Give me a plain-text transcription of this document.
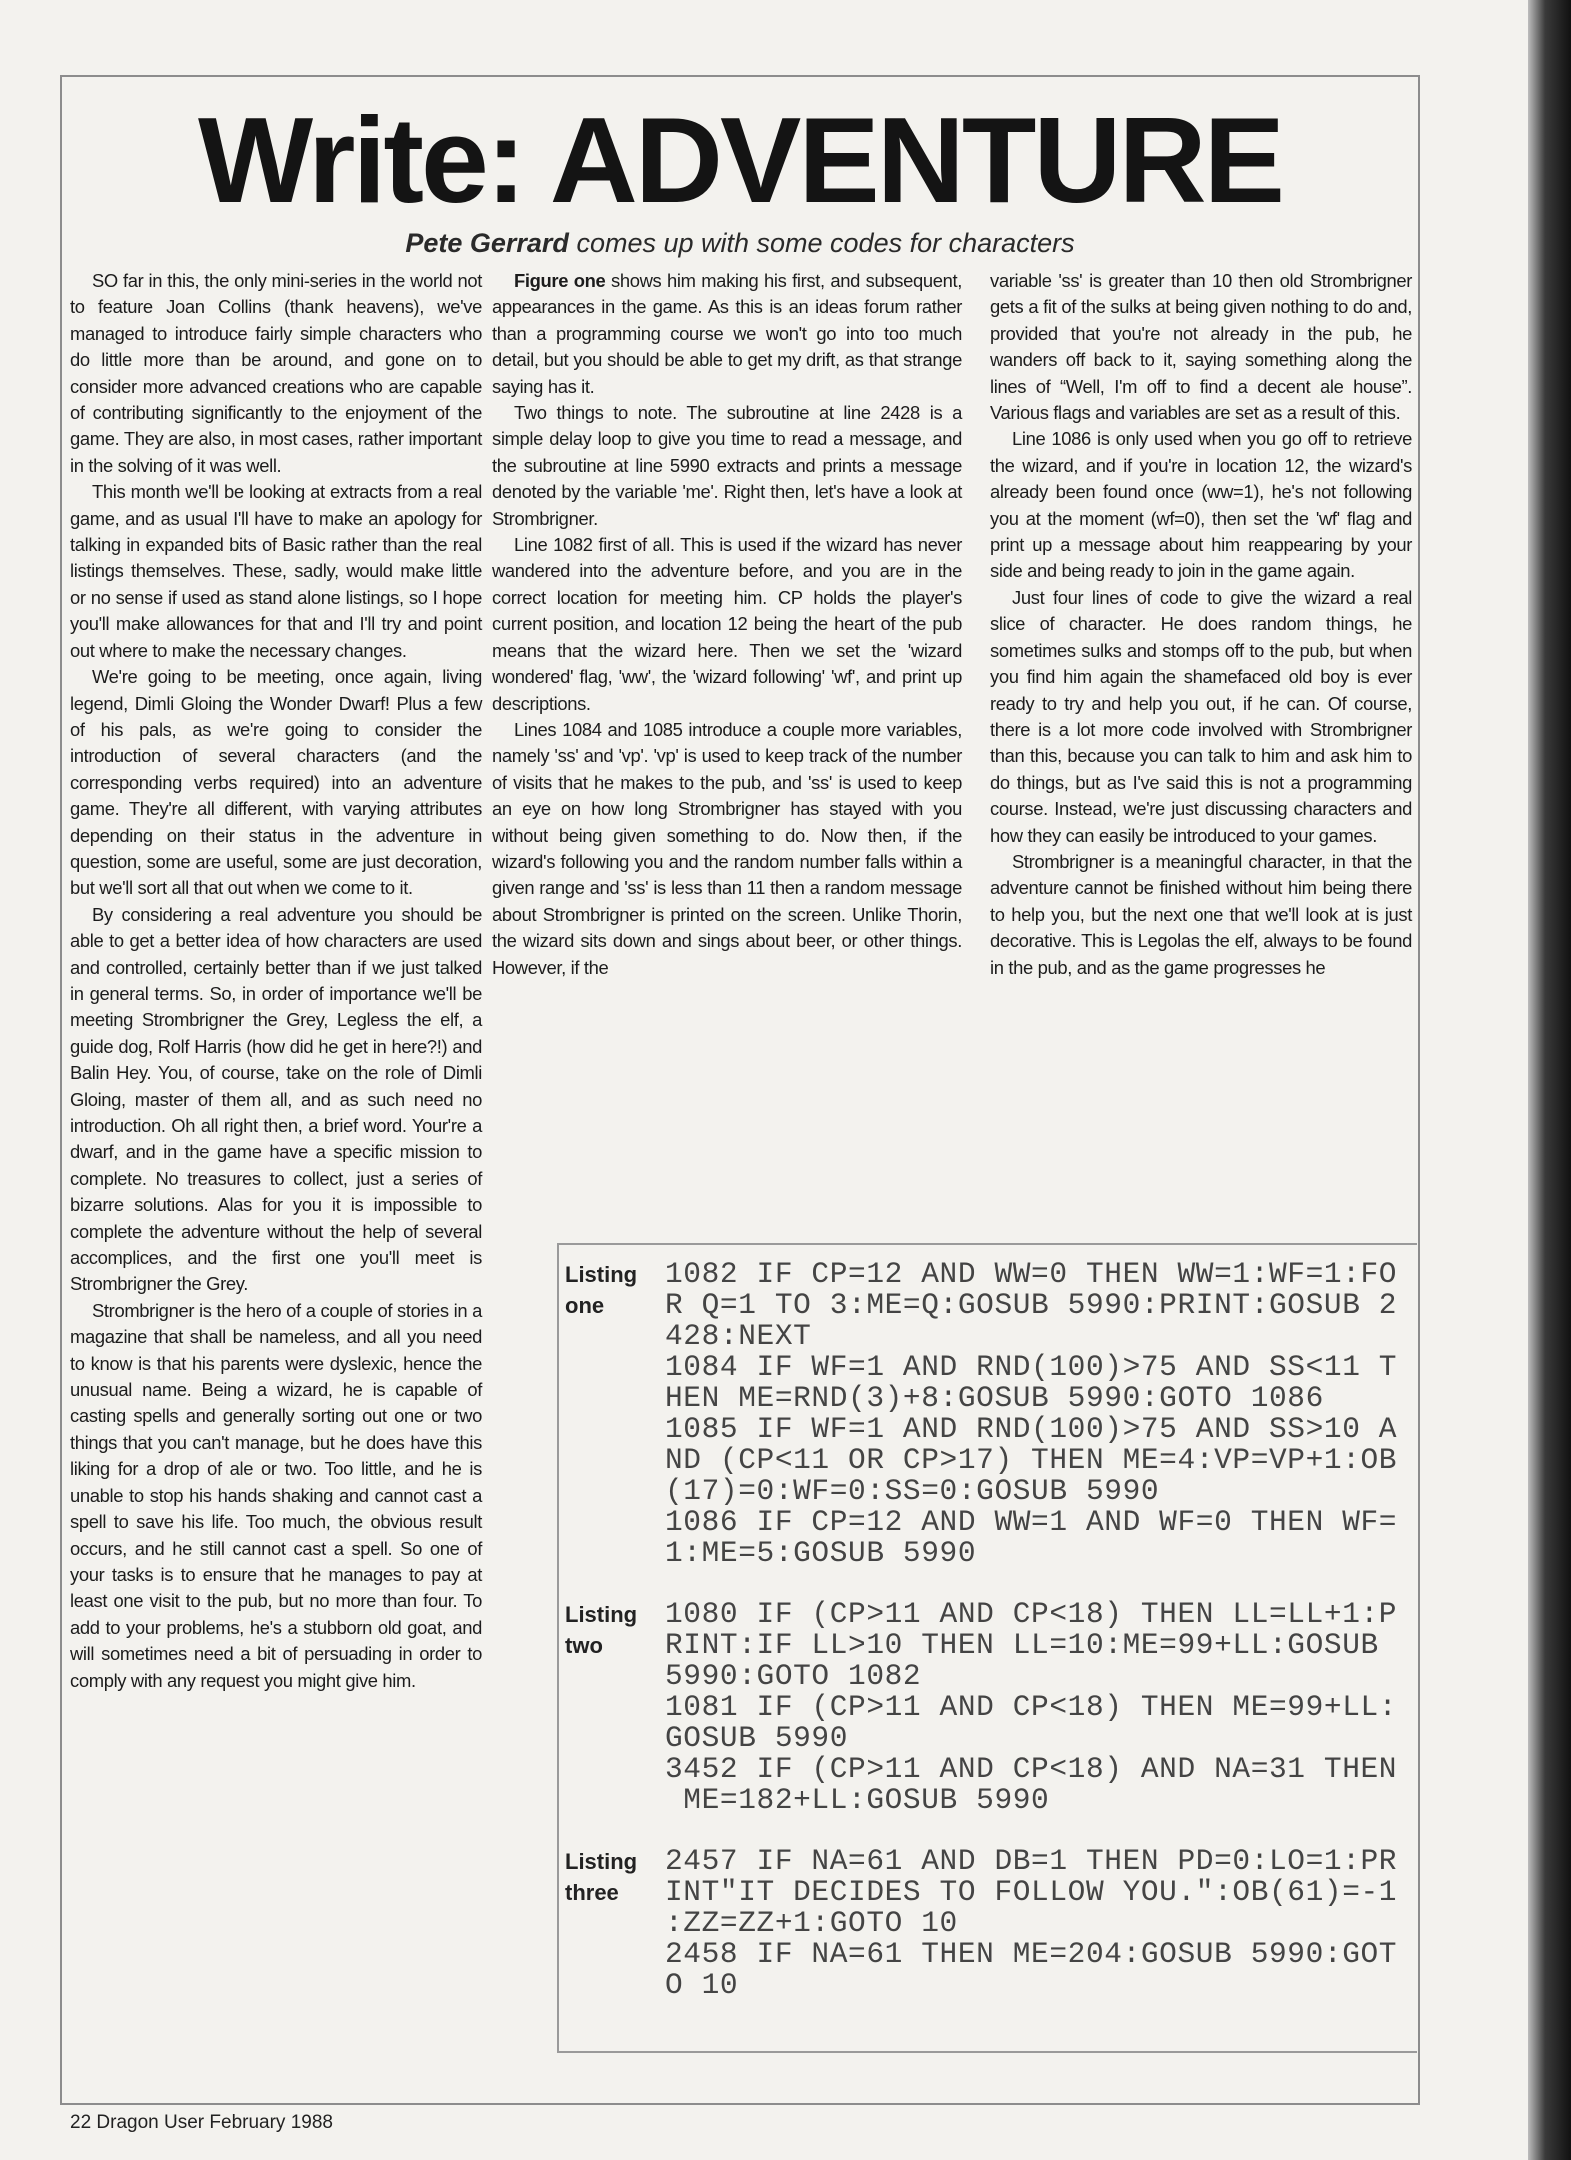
Write: ADVENTURE
Pete Gerrard comes up with some codes for characters

SO far in this, the only mini-series in the world not to feature Joan Collins (thank heavens), we've managed to introduce fairly simple characters who do little more than be around, and gone on to consider more advanced creations who are capable of contributing significantly to the enjoyment of the game. They are also, in most cases, rather important in the solving of it was well.

This month we'll be looking at extracts from a real game, and as usual I'll have to make an apology for talking in expanded bits of Basic rather than the real listings themselves. These, sadly, would make little or no sense if used as stand alone listings, so I hope you'll make allowances for that and I'll try and point out where to make the necessary changes.

We're going to be meeting, once again, living legend, Dimli Gloing the Wonder Dwarf! Plus a few of his pals, as we're going to consider the introduction of several characters (and the corresponding verbs required) into an adventure game. They're all different, with varying attributes depending on their status in the adventure in question, some are useful, some are just decoration, but we'll sort all that out when we come to it.

By considering a real adventure you should be able to get a better idea of how characters are used and controlled, certainly better than if we just talked in general terms. So, in order of importance we'll be meeting Strombrigner the Grey, Legless the elf, a guide dog, Rolf Harris (how did he get in here?!) and Balin Hey. You, of course, take on the role of Dimli Gloing, master of them all, and as such need no introduction. Oh all right then, a brief word. Your're a dwarf, and in the game have a specific mission to complete. No treasures to collect, just a series of bizarre solutions. Alas for you it is impossible to complete the adventure without the help of several accomplices, and the first one you'll meet is Strombrigner the Grey.

Strombrigner is the hero of a couple of stories in a magazine that shall be nameless, and all you need to know is that his parents were dyslexic, hence the unusual name. Being a wizard, he is capable of casting spells and generally sorting out one or two things that you can't manage, but he does have this liking for a drop of ale or two. Too little, and he is unable to stop his hands shaking and cannot cast a spell to save his life. Too much, the obvious result occurs, and he still cannot cast a spell. So one of your tasks is to ensure that he manages to pay at least one visit to the pub, but no more than four. To add to your problems, he's a stubborn old goat, and will sometimes need a bit of persuading in order to comply with any request you might give him.

Figure one shows him making his first, and subsequent, appearances in the game. As this is an ideas forum rather than a programming course we won't go into too much detail, but you should be able to get my drift, as that strange saying has it.

Two things to note. The subroutine at line 2428 is a simple delay loop to give you time to read a message, and the subroutine at line 5990 extracts and prints a message denoted by the variable 'me'. Right then, let's have a look at Strombrigner.

Line 1082 first of all. This is used if the wizard has never wandered into the adventure before, and you are in the correct location for meeting him. CP holds the player's current position, and location 12 being the heart of the pub means that the wizard here. Then we set the 'wizard wondered' flag, 'ww', the 'wizard following' 'wf', and print up descriptions.

Lines 1084 and 1085 introduce a couple more variables, namely 'ss' and 'vp'. 'vp' is used to keep track of the number of visits that he makes to the pub, and 'ss' is used to keep an eye on how long Strombrigner has stayed with you without being given something to do. Now then, if the wizard's following you and the random number falls within a given range and 'ss' is less than 11 then a random message about Strombrigner is printed on the screen. Unlike Thorin, the wizard sits down and sings about beer, or other things. However, if the

variable 'ss' is greater than 10 then old Strombrigner gets a fit of the sulks at being given nothing to do and, provided that you're not already in the pub, he wanders off back to it, saying something along the lines of “Well, I'm off to find a decent ale house”. Various flags and variables are set as a result of this.

Line 1086 is only used when you go off to retrieve the wizard, and if you're in location 12, the wizard's already been found once (ww=1), he's not following you at the moment (wf=0), then set the 'wf' flag and print up a message about him reappearing by your side and being ready to join in the game again.

Just four lines of code to give the wizard a real slice of character. He does random things, he sometimes sulks and stomps off to the pub, but when you find him again the shamefaced old boy is ever ready to try and help you out, if he can. Of course, there is a lot more code involved with Strombrigner than this, because you can talk to him and ask him to do things, but as I've said this is not a programming course. Instead, we're just discussing characters and how they can easily be introduced to your games.

Strombrigner is a meaningful character, in that the adventure cannot be finished without him being there to help you, but the next one that we'll look at is just decorative. This is Legolas the elf, always to be found in the pub, and as the game progresses he

Listing
one
1082 IF CP=12 AND WW=0 THEN WW=1:WF=1:FO
R Q=1 TO 3:ME=Q:GOSUB 5990:PRINT:GOSUB 2
428:NEXT
1084 IF WF=1 AND RND(100)>75 AND SS<11 T
HEN ME=RND(3)+8:GOSUB 5990:GOTO 1086
1085 IF WF=1 AND RND(100)>75 AND SS>10 A
ND (CP<11 OR CP>17) THEN ME=4:VP=VP+1:OB
(17)=0:WF=0:SS=0:GOSUB 5990
1086 IF CP=12 AND WW=1 AND WF=0 THEN WF=
1:ME=5:GOSUB 5990
Listing
two
1080 IF (CP>11 AND CP<18) THEN LL=LL+1:P
RINT:IF LL>10 THEN LL=10:ME=99+LL:GOSUB
5990:GOTO 1082
1081 IF (CP>11 AND CP<18) THEN ME=99+LL:
GOSUB 5990
3452 IF (CP>11 AND CP<18) AND NA=31 THEN
ME=182+LL:GOSUB 5990
Listing
three
2457 IF NA=61 AND DB=1 THEN PD=0:LO=1:PR
INT"IT DECIDES TO FOLLOW YOU.":OB(61)=-1
:ZZ=ZZ+1:GOTO 10
2458 IF NA=61 THEN ME=204:GOSUB 5990:GOT
O 10
22 Dragon User February 1988
